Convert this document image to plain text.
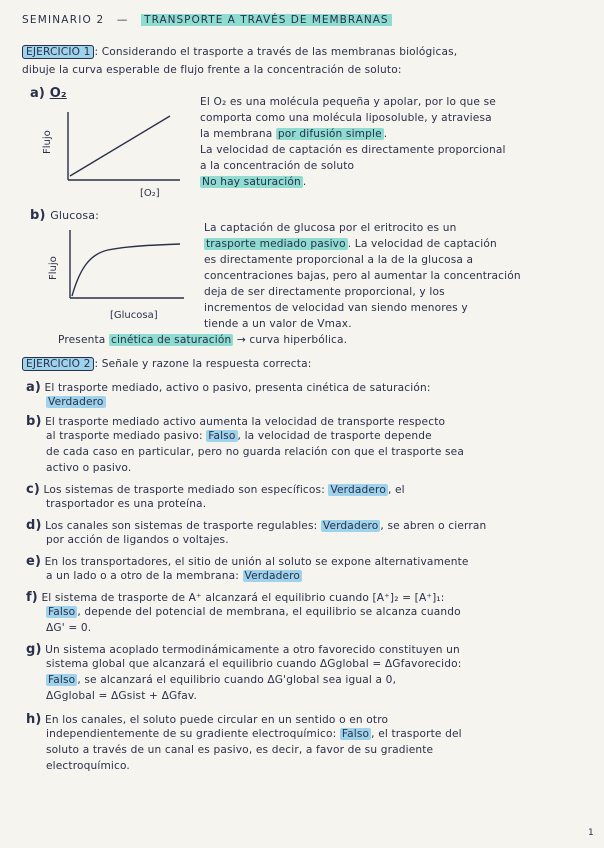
SEMINARIO 2 — TRANSPORTE A TRAVÉS DE MEMBRANAS
EJERCICIO 1 : Considerando el trasporte a través de las membranas biológicas,
dibuje la curva esperable de flujo frente a la concentración de soluto:
a) O₂
Flujo
[O₂]
El O₂ es una molécula pequeña y apolar, por lo que se
comporta como una molécula liposoluble, y atraviesa
la membrana por difusión simple .
La velocidad de captación es directamente proporcional
a la concentración de soluto
No hay saturación .
b) Glucosa:
Flujo
[Glucosa]
La captación de glucosa por el eritrocito es un
trasporte mediado pasivo . La velocidad de captación
es directamente proporcional a la de la glucosa a
concentraciones bajas, pero al aumentar la concentración
deja de ser directamente proporcional, y los
incrementos de velocidad van siendo menores y
tiende a un valor de Vmax.
Presenta cinética de saturación → curva hiperbólica.
EJERCICIO 2 : Señale y razone la respuesta correcta:
a) El trasporte mediado, activo o pasivo, presenta cinética de saturación:
Verdadero
b) El trasporte mediado activo aumenta la velocidad de transporte respecto
al trasporte mediado pasivo: Falso , la velocidad de trasporte depende
de cada caso en particular, pero no guarda relación con que el trasporte sea
activo o pasivo.
c) Los sistemas de trasporte mediado son específicos: Verdadero , el
trasportador es una proteína.
d) Los canales son sistemas de trasporte regulables: Verdadero , se abren o cierran
por acción de ligandos o voltajes.
e) En los transportadores, el sitio de unión al soluto se expone alternativamente
a un lado o a otro de la membrana: Verdadero
f) El sistema de trasporte de A⁺ alcanzará el equilibrio cuando [A⁺]₂ = [A⁺]₁:
Falso , depende del potencial de membrana, el equilibrio se alcanza cuando
ΔG' = 0.
g) Un sistema acoplado termodinámicamente a otro favorecido constituyen un
sistema global que alcanzará el equilibrio cuando ΔGglobal = ΔGfavorecido:
Falso , se alcanzará el equilibrio cuando ΔG'global sea igual a 0,
ΔGglobal = ΔGsist + ΔGfav.
h) En los canales, el soluto puede circular en un sentido o en otro
independientemente de su gradiente electroquímico: Falso , el trasporte del
soluto a través de un canal es pasivo, es decir, a favor de su gradiente
electroquímico.
1
